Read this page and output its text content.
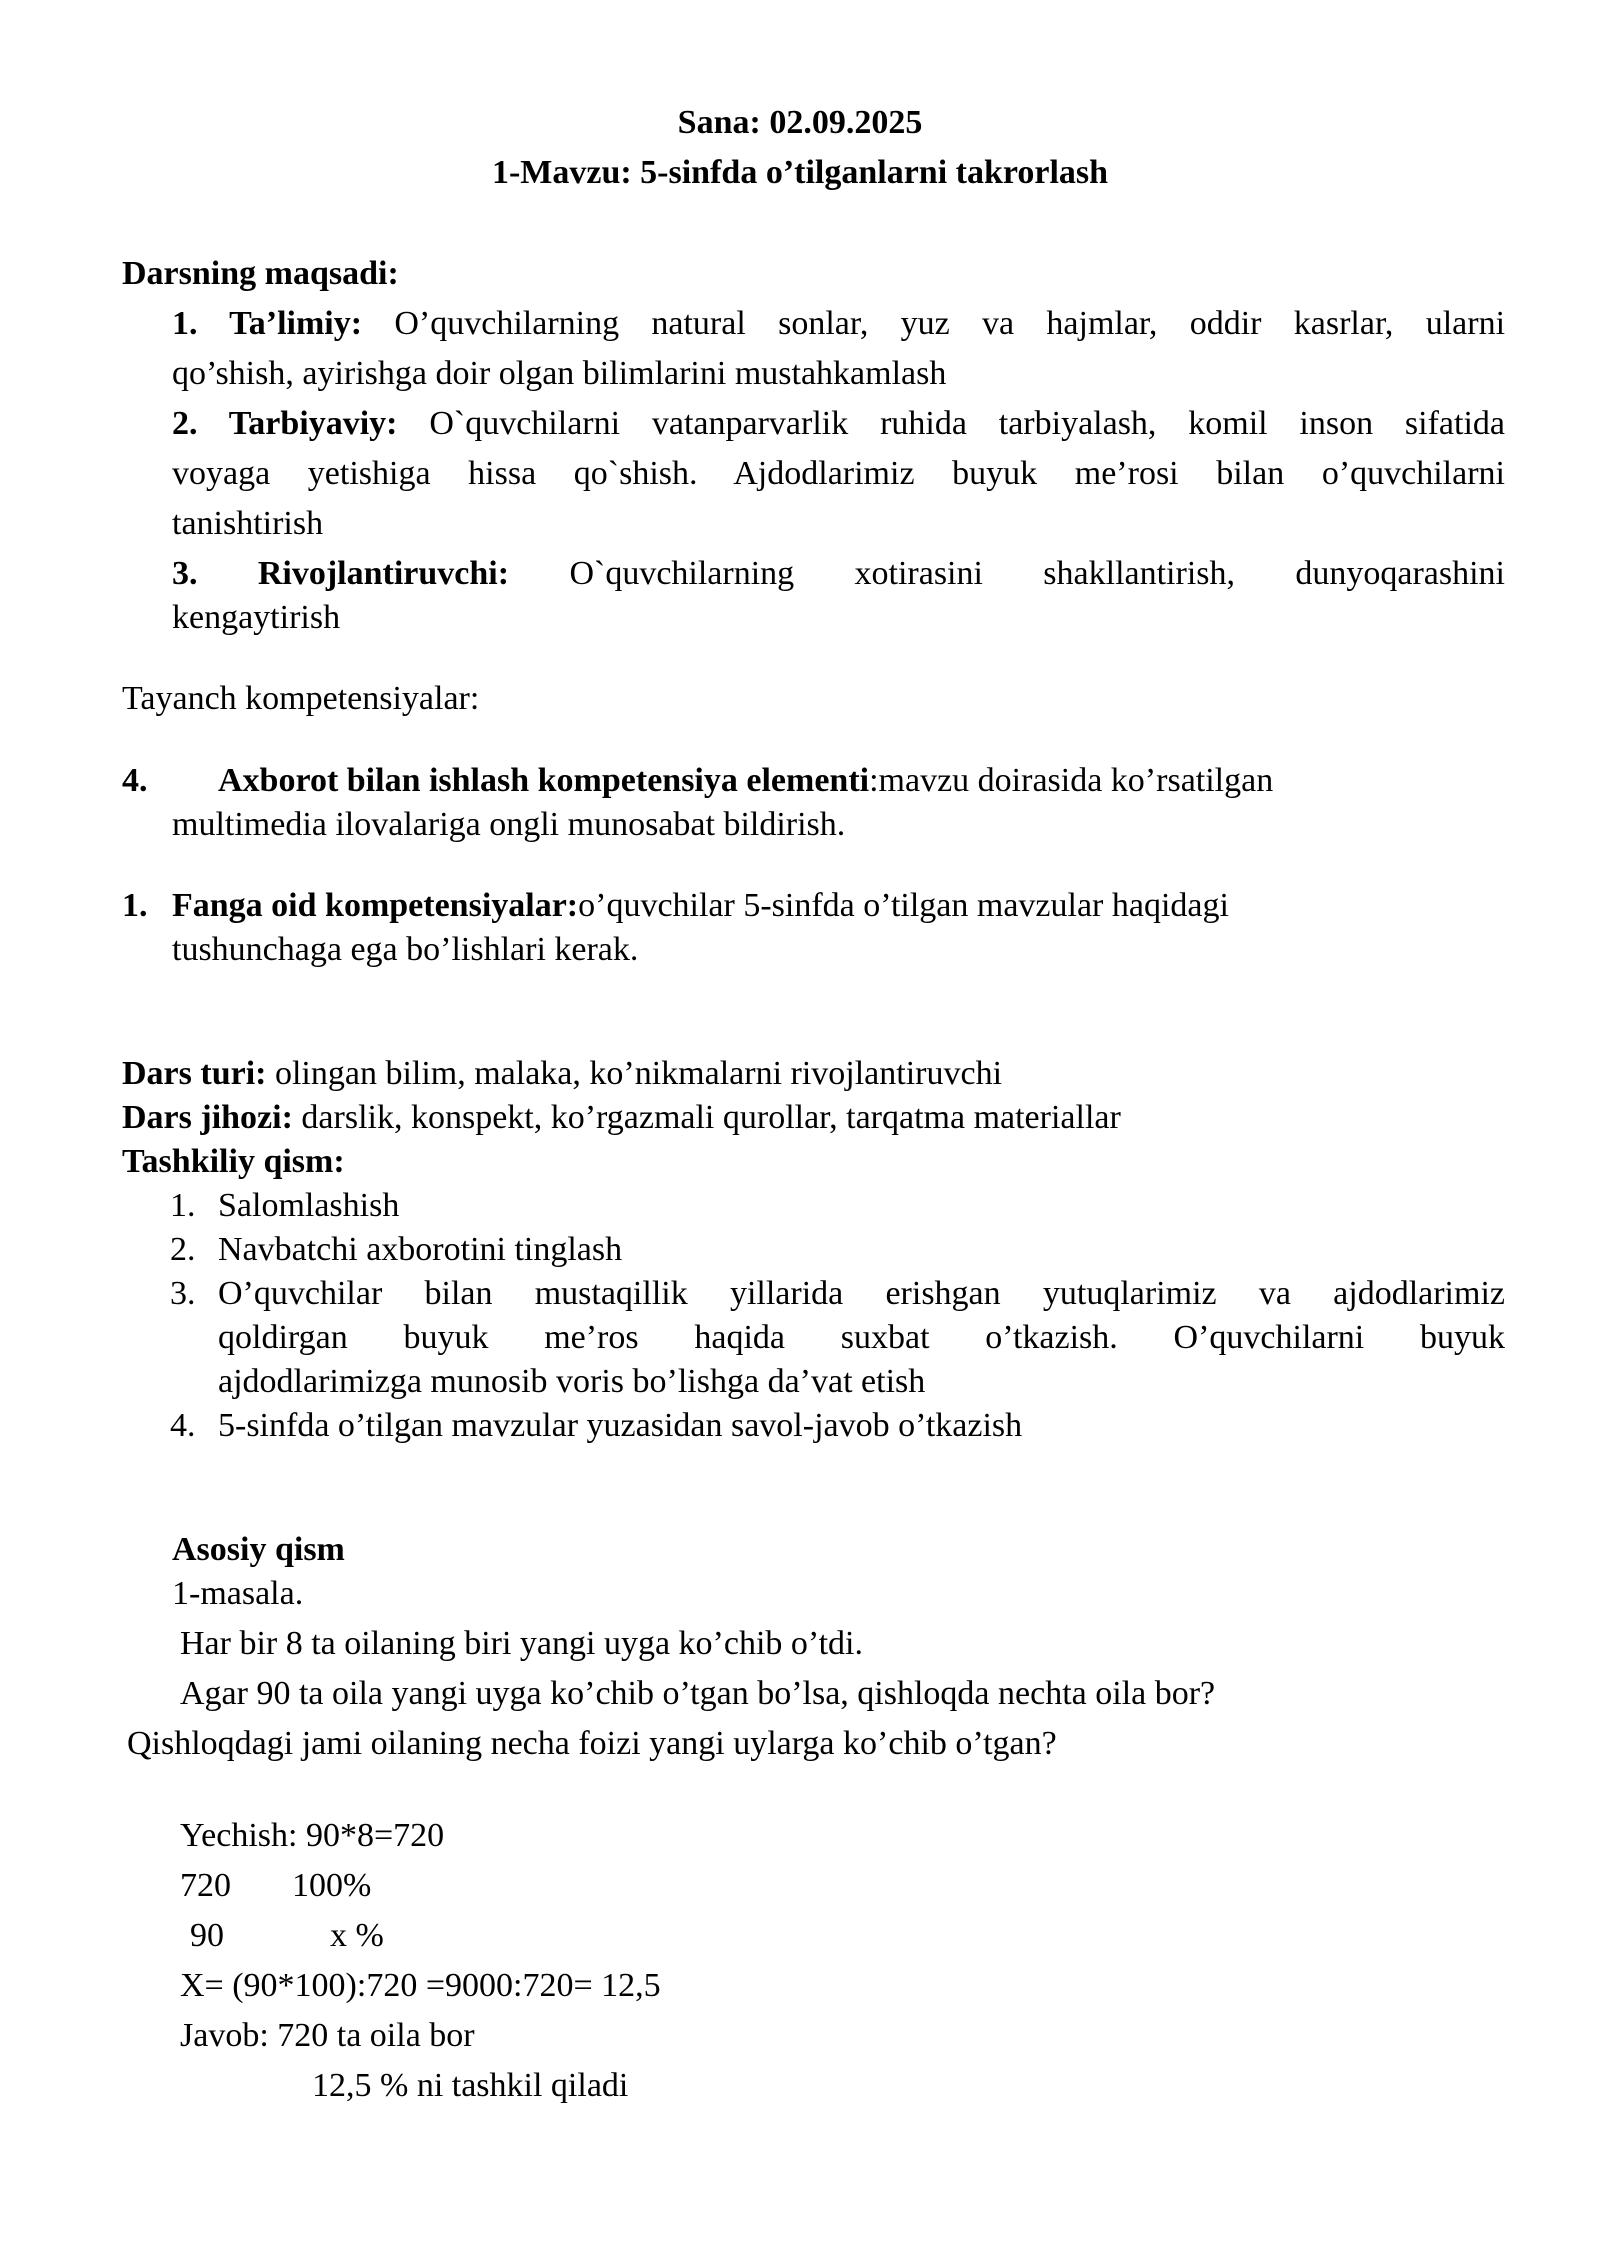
Sana: 02.09.2025
1-Mavzu: 5-sinfda o’tilganlarni takrorlash
Darsning maqsadi:
1. Ta’limiy: O’quvchilarning natural sonlar, yuz va hajmlar, oddir kasrlar, ularni
qo’shish, ayirishga doir olgan bilimlarini mustahkamlash
2. Tarbiyaviy: O`quvchilarni vatanparvarlik ruhida tarbiyalash, komil inson sifatida
voyaga yetishiga hissa qo`shish. Ajdodlarimiz buyuk me’rosi bilan o’quvchilarni
tanishtirish
3. Rivojlantiruvchi: O`quvchilarning xotirasini shakllantirish, dunyoqarashini
kengaytirish
Tayanch kompetensiyalar:
4. Axborot bilan ishlash kompetensiya elementi:mavzu doirasida ko’rsatilgan
multimedia ilovalariga ongli munosabat bildirish.
1. Fanga oid kompetensiyalar:o’quvchilar 5-sinfda o’tilgan mavzular haqidagi
tushunchaga ega bo’lishlari kerak.
Dars turi: olingan bilim, malaka, ko’nikmalarni rivojlantiruvchi
Dars jihozi: darslik, konspekt, ko’rgazmali qurollar, tarqatma materiallar
Tashkiliy qism:
1. Salomlashish
2. Navbatchi axborotini tinglash
3. O’quvchilar bilan mustaqillik yillarida erishgan yutuqlarimiz va ajdodlarimiz
qoldirgan buyuk me’ros haqida suxbat o’tkazish. O’quvchilarni buyuk
ajdodlarimizga munosib voris bo’lishga da’vat etish
4. 5-sinfda o’tilgan mavzular yuzasidan savol-javob o’tkazish
Asosiy qism
1-masala.
Har bir 8 ta oilaning biri yangi uyga ko’chib o’tdi.
Agar 90 ta oila yangi uyga ko’chib o’tgan bo’lsa, qishloqda nechta oila bor?
Qishloqdagi jami oilaning necha foizi yangi uylarga ko’chib o’tgan?
Yechish: 90*8=720
720 100%
90	x %
X= (90*100):720 =9000:720= 12,5
Javob: 720 ta oila bor
12,5 % ni tashkil qiladi
